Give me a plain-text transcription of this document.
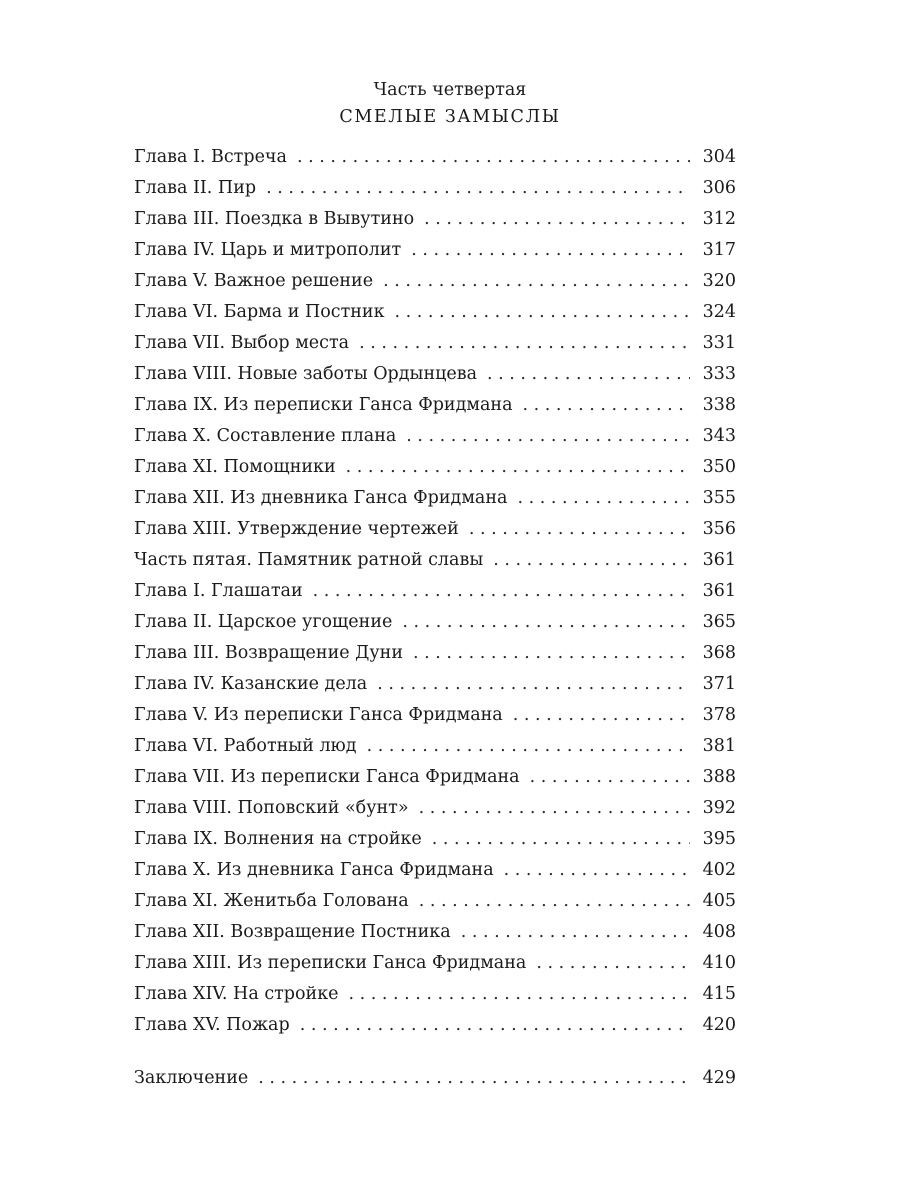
Часть четвертая
СМЕЛЫЕ ЗАМЫСЛЫ
Глава I. Встреча . . .	304
Глава II. Пир . . .	306
Глава III. Поездка в Вывутино . . .	312
Глава IV. Царь и митрополит . . .	317
Глава V. Важное решение . . .	320
Глава VI. Барма и Постник . . .	324
Глава VII. Выбор места . . .	331
Глава VIII. Новые заботы Ордынцева . . .	333
Глава IX. Из переписки Ганса Фридмана . . .	338
Глава X. Составление плана . . .	343
Глава XI. Помощники . . .	350
Глава XII. Из дневника Ганса Фридмана . . .	355
Глава XIII. Утверждение чертежей . . .	356
Часть пятая. Памятник ратной славы . . .	361
Глава I. Глашатаи . . .	361
Глава II. Царское угощение . . .	365
Глава III. Возвращение Дуни . . .	368
Глава IV. Казанские дела . . .	371
Глава V. Из переписки Ганса Фридмана . . .	378
Глава VI. Работный люд . . .	381
Глава VII. Из переписки Ганса Фридмана . . .	388
Глава VIII. Поповский «бунт» . . .	392
Глава IX. Волнения на стройке . . .	395
Глава X. Из дневника Ганса Фридмана . . .	402
Глава XI. Женитьба Голована . . .	405
Глава XII. Возвращение Постника . . .	408
Глава XIII. Из переписки Ганса Фридмана . . .	410
Глава XIV. На стройке . . .	415
Глава XV. Пожар . . .	420
Заключение . . .	429
